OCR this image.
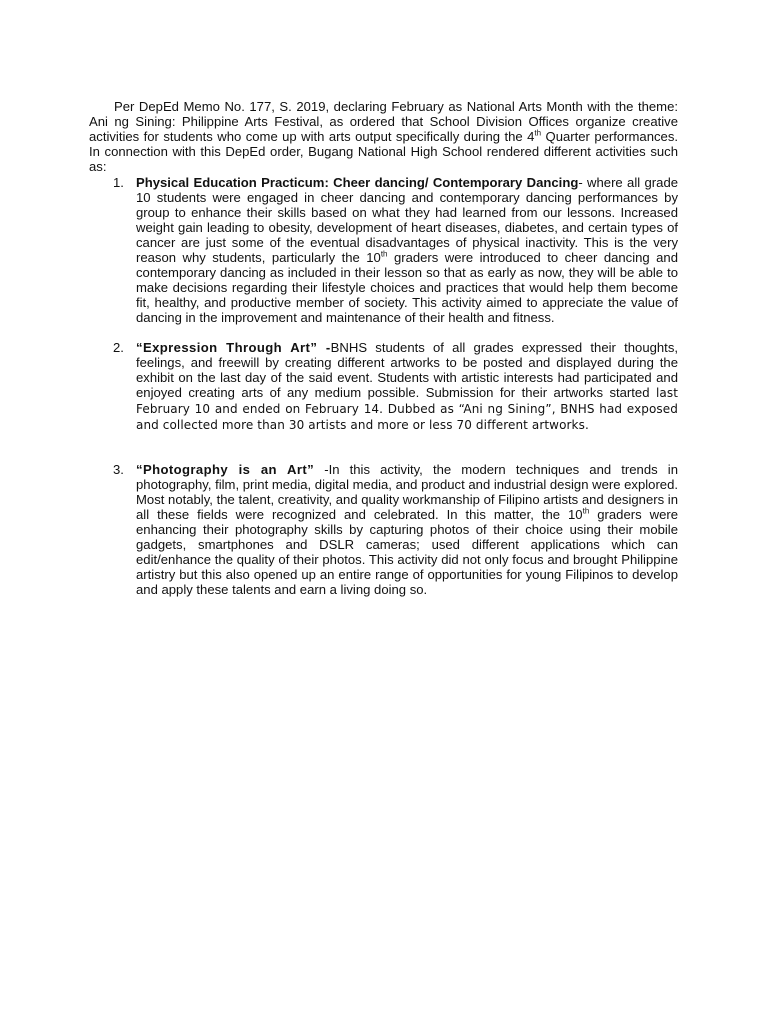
Per DepEd Memo No. 177, S. 2019, declaring February as National Arts Month with the theme: Ani ng Sining: Philippine Arts Festival, as ordered that School Division Offices organize creative activities for students who come up with arts output specifically during the 4th Quarter performances. In connection with this DepEd order, Bugang National High School rendered different activities such as:

1. Physical Education Practicum: Cheer dancing/ Contemporary Dancing- where all grade 10 students were engaged in cheer dancing and contemporary dancing performances by group to enhance their skills based on what they had learned from our lessons. Increased weight gain leading to obesity, development of heart diseases, diabetes, and certain types of cancer are just some of the eventual disadvantages of physical inactivity. This is the very reason why students, particularly the 10th graders were introduced to cheer dancing and contemporary dancing as included in their lesson so that as early as now, they will be able to make decisions regarding their lifestyle choices and practices that would help them become fit, healthy, and productive member of society. This activity aimed to appreciate the value of dancing in the improvement and maintenance of their health and fitness.
2. “Expression Through Art” -BNHS students of all grades expressed their thoughts, feelings, and freewill by creating different artworks to be posted and displayed during the exhibit on the last day of the said event. Students with artistic interests had participated and enjoyed creating arts of any medium possible. Submission for their artworks started last February 10 and ended on February 14. Dubbed as “Ani ng Sining”, BNHS had exposed and collected more than 30 artists and more or less 70 different artworks.
3. “Photography is an Art” -In this activity, the modern techniques and trends in photography, film, print media, digital media, and product and industrial design were explored. Most notably, the talent, creativity, and quality workmanship of Filipino artists and designers in all these fields were recognized and celebrated. In this matter, the 10th graders were enhancing their photography skills by capturing photos of their choice using their mobile gadgets, smartphones and DSLR cameras; used different applications which can edit/enhance the quality of their photos. This activity did not only focus and brought Philippine artistry but this also opened up an entire range of opportunities for young Filipinos to develop and apply these talents and earn a living doing so.
